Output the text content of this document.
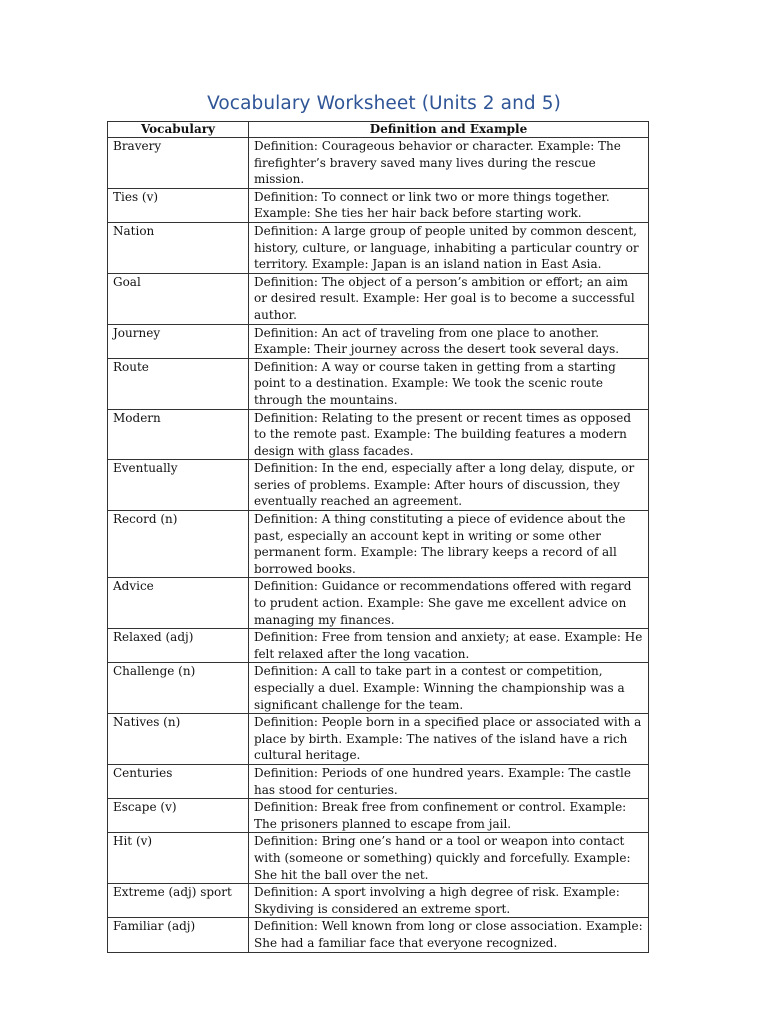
Vocabulary Worksheet (Units 2 and 5)
Vocabulary	Definition and Example
Bravery	Definition: Courageous behavior or character. Example: The firefighter’s bravery saved many lives during the rescue mission.
Ties (v)	Definition: To connect or link two or more things together. Example: She ties her hair back before starting work.
Nation	Definition: A large group of people united by common descent, history, culture, or language, inhabiting a particular country or territory. Example: Japan is an island nation in East Asia.
Goal	Definition: The object of a person’s ambition or effort; an aim or desired result. Example: Her goal is to become a successful author.
Journey	Definition: An act of traveling from one place to another. Example: Their journey across the desert took several days.
Route	Definition: A way or course taken in getting from a starting point to a destination. Example: We took the scenic route through the mountains.
Modern	Definition: Relating to the present or recent times as opposed to the remote past. Example: The building features a modern design with glass facades.
Eventually	Definition: In the end, especially after a long delay, dispute, or series of problems. Example: After hours of discussion, they eventually reached an agreement.
Record (n)	Definition: A thing constituting a piece of evidence about the past, especially an account kept in writing or some other permanent form. Example: The library keeps a record of all borrowed books.
Advice	Definition: Guidance or recommendations offered with regard to prudent action. Example: She gave me excellent advice on managing my finances.
Relaxed (adj)	Definition: Free from tension and anxiety; at ease. Example: He felt relaxed after the long vacation.
Challenge (n)	Definition: A call to take part in a contest or competition, especially a duel. Example: Winning the championship was a significant challenge for the team.
Natives (n)	Definition: People born in a specified place or associated with a place by birth. Example: The natives of the island have a rich cultural heritage.
Centuries	Definition: Periods of one hundred years. Example: The castle has stood for centuries.
Escape (v)	Definition: Break free from confinement or control. Example: The prisoners planned to escape from jail.
Hit (v)	Definition: Bring one’s hand or a tool or weapon into contact with (someone or something) quickly and forcefully. Example: She hit the ball over the net.
Extreme (adj) sport	Definition: A sport involving a high degree of risk. Example: Skydiving is considered an extreme sport.
Familiar (adj)	Definition: Well known from long or close association. Example: She had a familiar face that everyone recognized.
